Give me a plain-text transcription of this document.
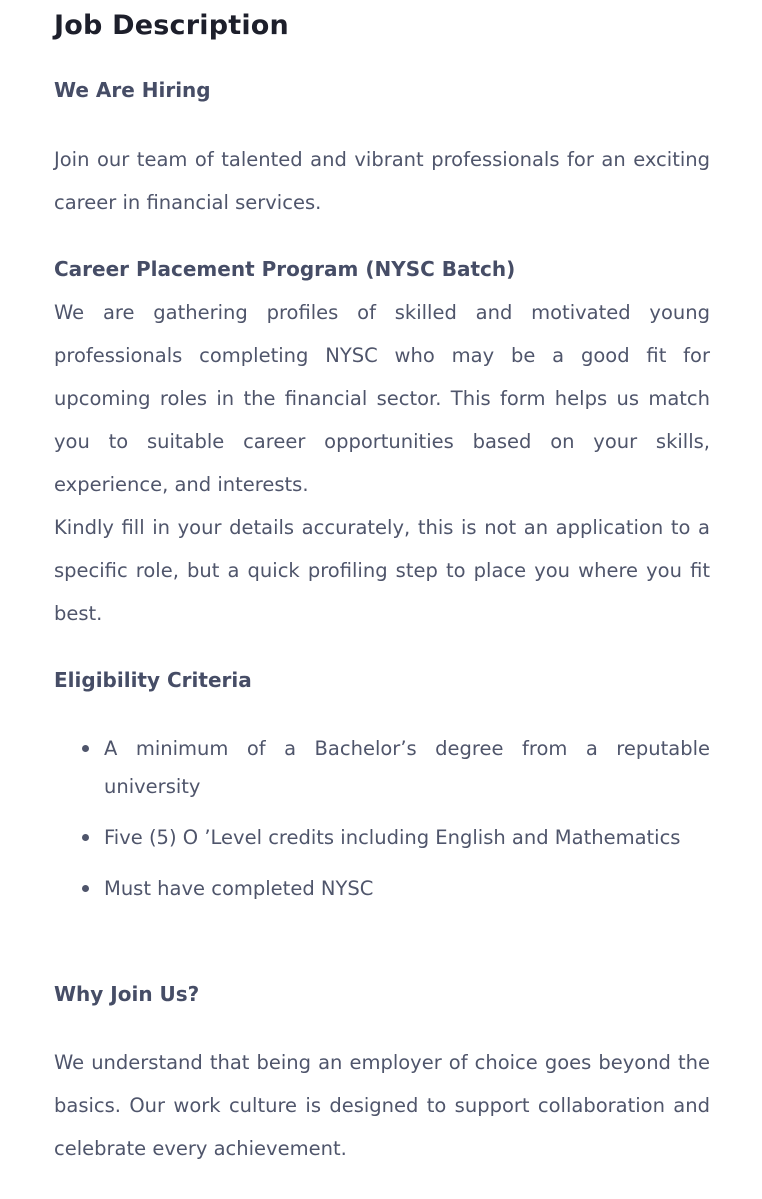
Job Description
We Are Hiring

Join our team of talented and vibrant professionals for an exciting career in financial services.

Career Placement Program (NYSC Batch)
We are gathering profiles of skilled and motivated young professionals completing NYSC who may be a good fit for upcoming roles in the financial sector. This form helps us match you to suitable career opportunities based on your skills, experience, and interests.
Kindly fill in your details accurately, this is not an application to a specific role, but a quick profiling step to place you where you fit best.
Eligibility Criteria
A minimum of a Bachelor’s degree from a reputable university
Five (5) O ’Level credits including English and Mathematics
Must have completed NYSC
Why Join Us?

We understand that being an employer of choice goes beyond the basics. Our work culture is designed to support collaboration and celebrate every achievement.
